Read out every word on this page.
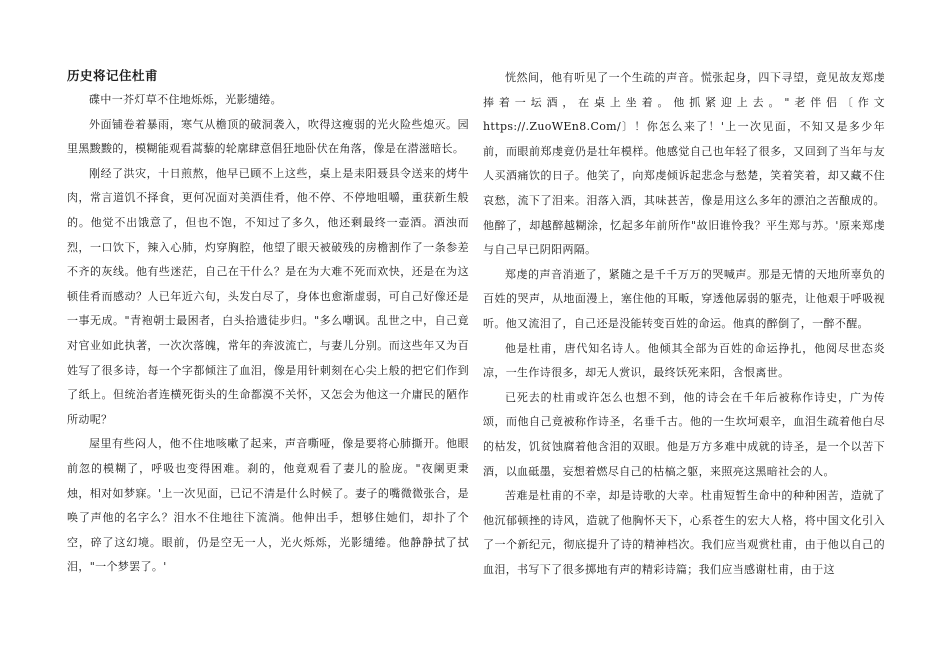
历史将记住杜甫

碟中一芥灯草不住地烁烁，光影缱绻。

外面铺卷着暴雨，寒气从檐顶的破洞袭入，吹得这瘦弱的光火险些熄灭。园里黑黢黢的，模糊能观看蒿藜的轮廓肆意倡狂地卧伏在角落，像是在潜滋暗长。

刚经了洪灾，十日煎熬，他早已顾不上这些，桌上是耒阳聂县令送来的烤牛肉，常言道饥不择食，更何况面对美酒佳肴，他不停、不停地咀嚼，重获新生般的。他觉不出饿意了，但也不饱，不知过了多久，他还剩最终一壶酒。酒浊而烈，一口饮下，辣入心肺，灼穿胸腔，他望了眼天被破残的房檐割作了一条参差不齐的灰线。他有些迷茫，自己在干什么？是在为大难不死而欢快，还是在为这顿佳肴而感动？人已年近六旬，头发白尽了，身体也愈渐虚弱，可自己好像还是一事无成。"青袍朝士最困者，白头拾遗徒步归。"多么嘲讽。乱世之中，自己竟对官业如此执著，一次次落魄，常年的奔波流亡，与妻儿分别。而这些年又为百姓写了很多诗，每一个字都倾注了血泪，像是用针刺刻在心尖上般的把它们作到了纸上。但统治者连横死街头的生命都漠不关怀，又怎会为他这一介庸民的陋作所动呢？

屋里有些闷人，他不住地咳嗽了起来，声音嘶哑，像是要将心肺撕开。他眼前忽的模糊了，呼吸也变得困难。刹的，他竟观看了妻儿的脸庞。"夜阑更秉烛，相对如梦寐。'上一次见面，已记不清是什么时候了。妻子的嘴微微张合，是唤了声他的名字么？泪水不住地往下流淌。他伸出手，想够住她们，却扑了个空，碎了这幻境。眼前，仍是空无一人，光火烁烁，光影缱绻。他静静拭了拭泪，"一个梦罢了。'

恍然间，他有听见了一个生疏的声音。慌张起身，四下寻望，竟见故友郑虔捧着一坛酒，在桌上坐着。他抓紧迎上去。"老伴侣〔作文https://.ZuoWEn8.Com/〕！你怎么来了！'上一次见面，不知又是多少年前，而眼前郑虔竟仍是壮年模样。他感觉自己也年轻了很多，又回到了当年与友人买酒痛饮的日子。他笑了，向郑虔倾诉起悲念与愁楚，笑着笑着，却又藏不住哀愁，流下了泪来。泪落入酒，其味甚苦，像是用这么多年的漂泊之苦酿成的。他醉了，却越醉越糊涂，忆起多年前所作"故旧谁怜我？平生郑与苏。'原来郑虔与自己早已阴阳两隔。

郑虔的声音消逝了，紧随之是千千万万的哭喊声。那是无情的天地所辜负的百姓的哭声，从地面漫上，塞住他的耳畈，穿透他孱弱的躯壳，让他艰于呼吸视听。他又流泪了，自己还是没能转变百姓的命运。他真的醉倒了，一醉不醒。

他是杜甫，唐代知名诗人。他倾其全部为百姓的命运挣扎，他阅尽世态炎凉，一生作诗很多，却无人赏识，最终饫死来阳，含恨离世。

已死去的杜甫或许怎么也想不到，他的诗会在千年后被称作诗史，广为传颂，而他自己竟被称作诗圣，名垂千古。他的一生坎坷艰辛，血泪生疏着他白尽的枯发，饥贫蚀腐着他含泪的双眼。他是万方多难中成就的诗圣，是一个以苦下酒，以血砥墨，妄想着燃尽自己的枯槁之躯，来照亮这黑暗社会的人。

苦难是杜甫的不幸，却是诗歌的大幸。杜甫短暂生命中的种种困苦，造就了他沉郁顿挫的诗风，造就了他胸怀天下，心系苍生的宏大人格，将中国文化引入了一个新纪元，彻底提升了诗的精神档次。我们应当观赏杜甫，由于他以自己的血泪，书写下了很多掷地有声的精彩诗篇；我们应当感谢杜甫，由于这
